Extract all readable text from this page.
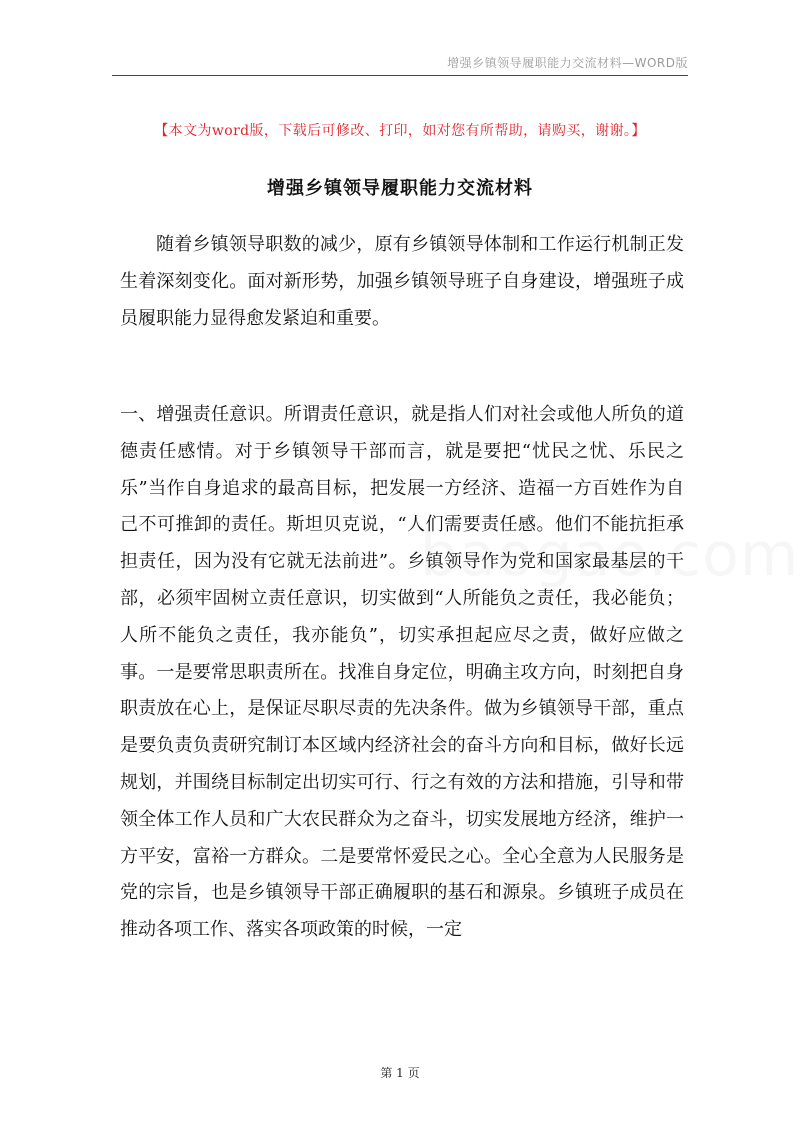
增强乡镇领导履职能力交流材料—WORD版
【本文为word版，下载后可修改、打印，如对您有所帮助，请购买，谢谢。】
增强乡镇领导履职能力交流材料

随着乡镇领导职数的减少，原有乡镇领导体制和工作运行机制正发生着深刻变化。面对新形势，加强乡镇领导班子自身建设，增强班子成员履职能力显得愈发紧迫和重要。

一、增强责任意识。所谓责任意识，就是指人们对社会或他人所负的道德责任感情。对于乡镇领导干部而言，就是要把“忧民之忧、乐民之乐”当作自身追求的最高目标，把发展一方经济、造福一方百姓作为自己不可推卸的责任。斯坦贝克说，“人们需要责任感。他们不能抗拒承担责任，因为没有它就无法前进”。乡镇领导作为党和国家最基层的干部，必须牢固树立责任意识，切实做到“人所能负之责任，我必能负；人所不能负之责任，我亦能负”，切实承担起应尽之责，做好应做之事。一是要常思职责所在。找准自身定位，明确主攻方向，时刻把自身职责放在心上，是保证尽职尽责的先决条件。做为乡镇领导干部，重点是要负责负责研究制订本区域内经济社会的奋斗方向和目标，做好长远规划，并围绕目标制定出切实可行、行之有效的方法和措施，引导和带领全体工作人员和广大农民群众为之奋斗，切实发展地方经济，维护一方平安，富裕一方群众。二是要常怀爱民之心。全心全意为人民服务是党的宗旨，也是乡镇领导干部正确履职的基石和源泉。乡镇班子成员在推动各项工作、落实各项政策的时候，一定

第 1 页
